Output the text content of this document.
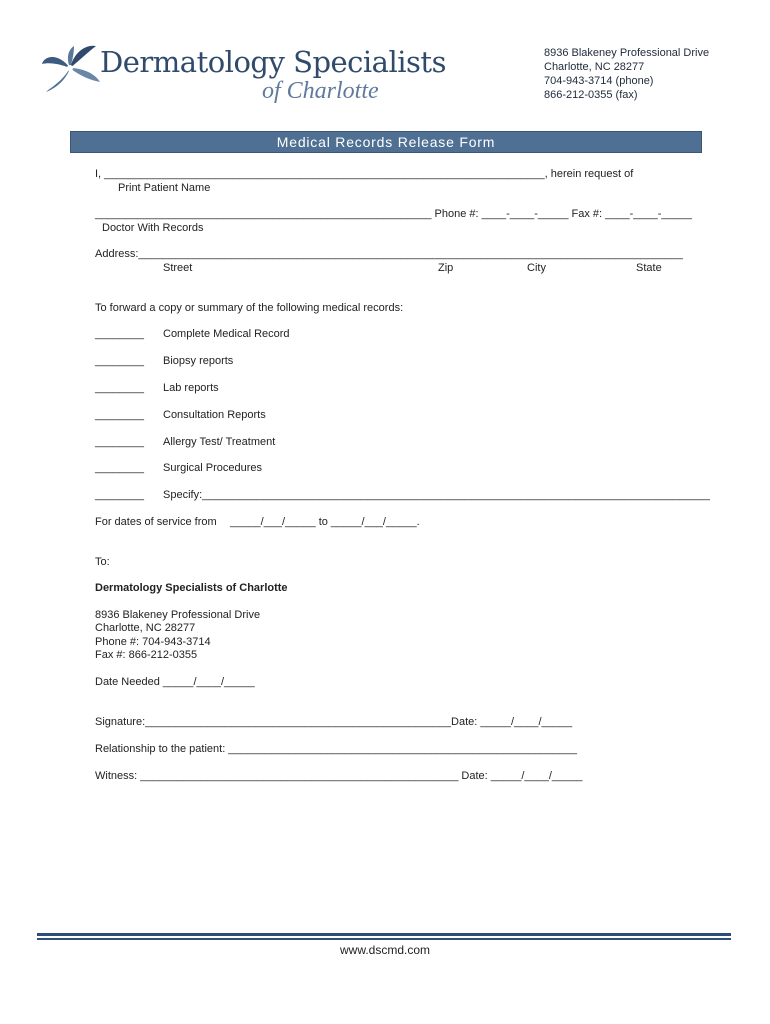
Dermatology Specialists
of Charlotte
8936 Blakeney Professional Drive
Charlotte, NC 28277
704-943-3714 (phone)
866-212-0355 (fax)
Medical Records Release Form
I, ________________________________________________________________________, herein request of
Print Patient Name
_______________________________________________________ Phone #: ____-____-_____ Fax #: ____-____-_____
Doctor With Records
Address:_________________________________________________________________________________________
Street	Zip	City	State
To forward a copy or summary of the following medical records:
________ Complete Medical Record
________ Biopsy reports
________ Lab reports
________ Consultation Reports
________ Allergy Test/ Treatment
________ Surgical Procedures
________ Specify:___________________________________________________________________________________
For dates of service from _____/___/_____ to _____/___/_____.
To:
Dermatology Specialists of Charlotte
8936 Blakeney Professional Drive
Charlotte, NC 28277
Phone #: 704-943-3714
Fax #: 866-212-0355
Date Needed _____/____/_____
Signature:__________________________________________________Date: _____/____/_____
Relationship to the patient: _________________________________________________________
Witness: ____________________________________________________ Date: _____/____/_____
www.dscmd.com
